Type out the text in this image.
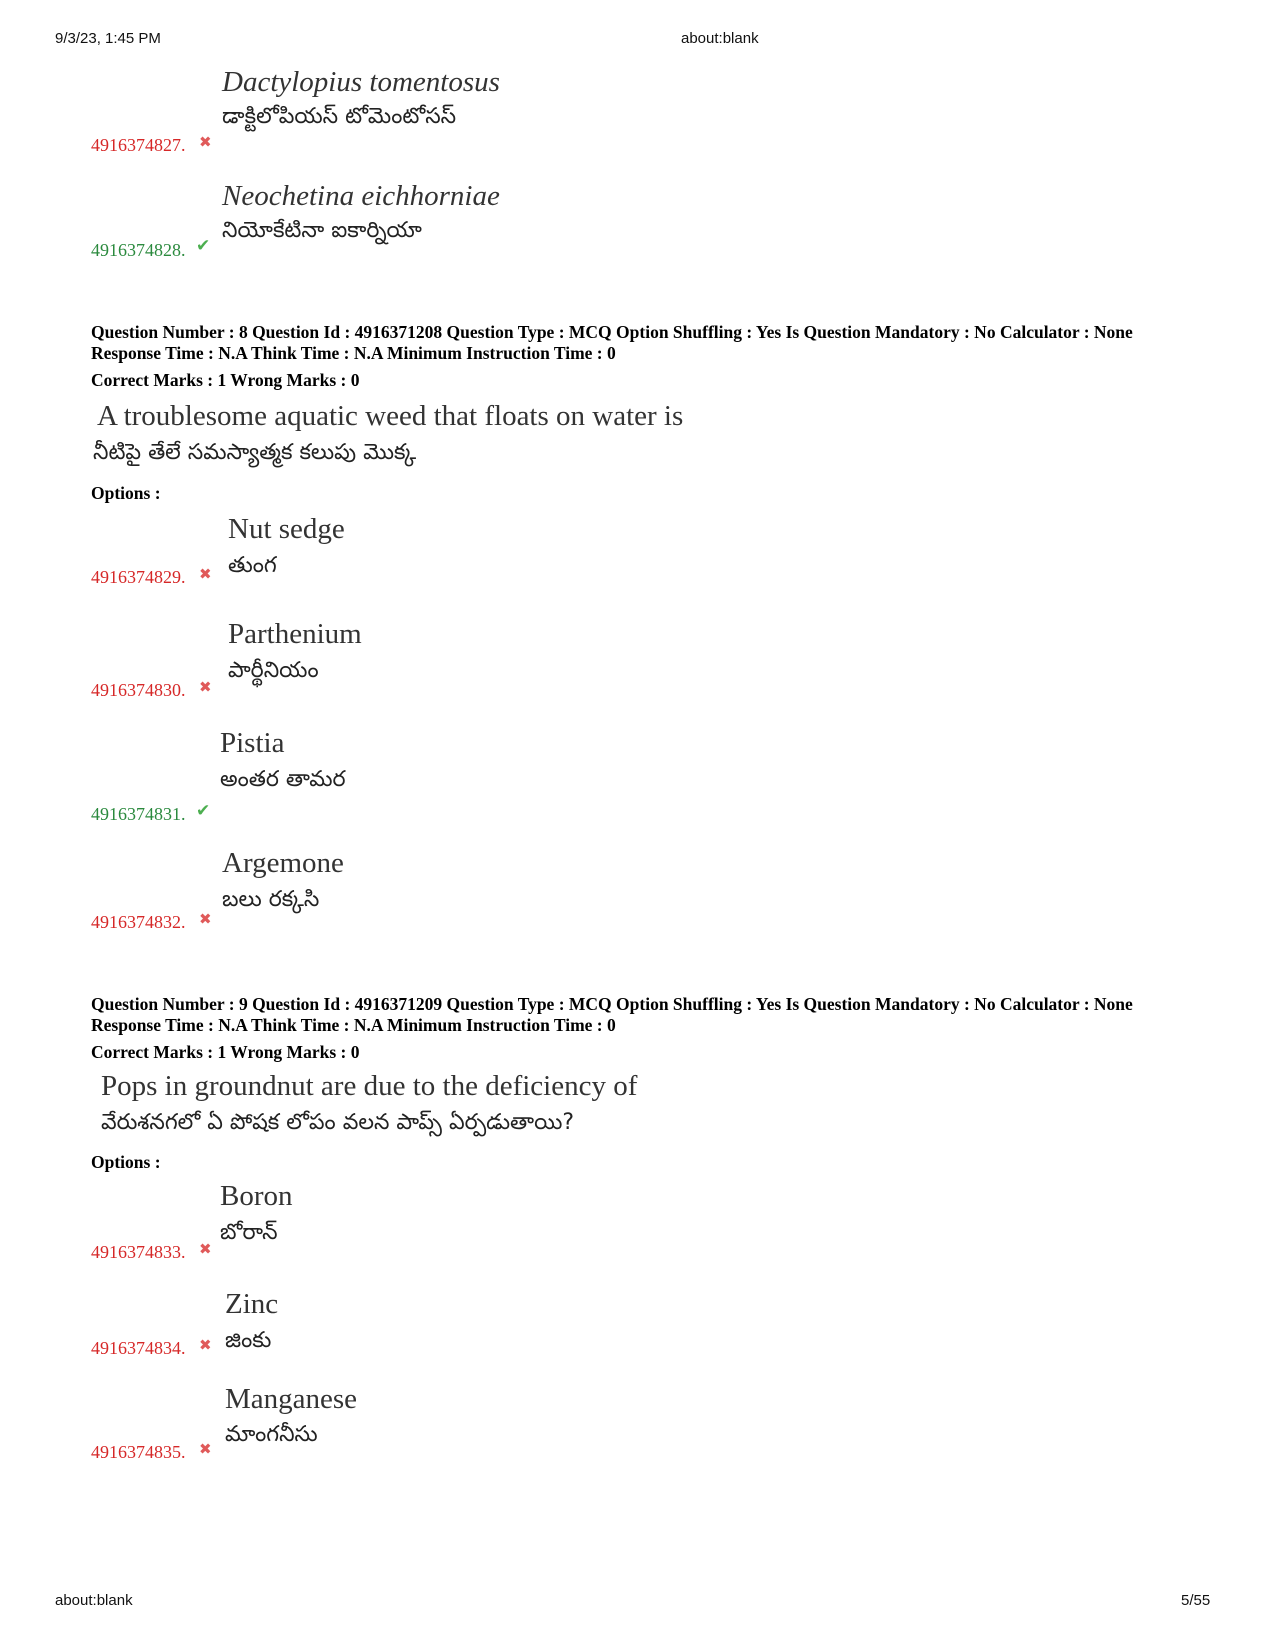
9/3/23, 1:45 PM	about:blank
Dactylopius tomentosus
డాక్టిలోపియస్ టోమెంటోసస్
4916374827. ✖
Neochetina eichhorniae
నియోకేటినా ఐకార్నియా
4916374828. ✔
Question Number : 8 Question Id : 4916371208 Question Type : MCQ Option Shuffling : Yes Is Question Mandatory : No Calculator : None Response Time : N.A Think Time : N.A Minimum Instruction Time : 0
Correct Marks : 1 Wrong Marks : 0
A troublesome aquatic weed that floats on water is
నీటిపై తేలే సమస్యాత్మక కలుపు మొక్క
Options :
Nut sedge
తుంగ
4916374829. ✖
Parthenium
పార్థీనియం
4916374830. ✖
Pistia
అంతర తామర
4916374831. ✔
Argemone
బలు రక్కసి
4916374832. ✖
Question Number : 9 Question Id : 4916371209 Question Type : MCQ Option Shuffling : Yes Is Question Mandatory : No Calculator : None Response Time : N.A Think Time : N.A Minimum Instruction Time : 0
Correct Marks : 1 Wrong Marks : 0
Pops in groundnut are due to the deficiency of
వేరుశనగలో ఏ పోషక లోపం వలన పాప్స్ ఏర్పడుతాయి?
Options :
Boron
బోరాన్
4916374833. ✖
Zinc
జింకు
4916374834. ✖
Manganese
మాంగనీసు
4916374835. ✖
about:blank	5/55
